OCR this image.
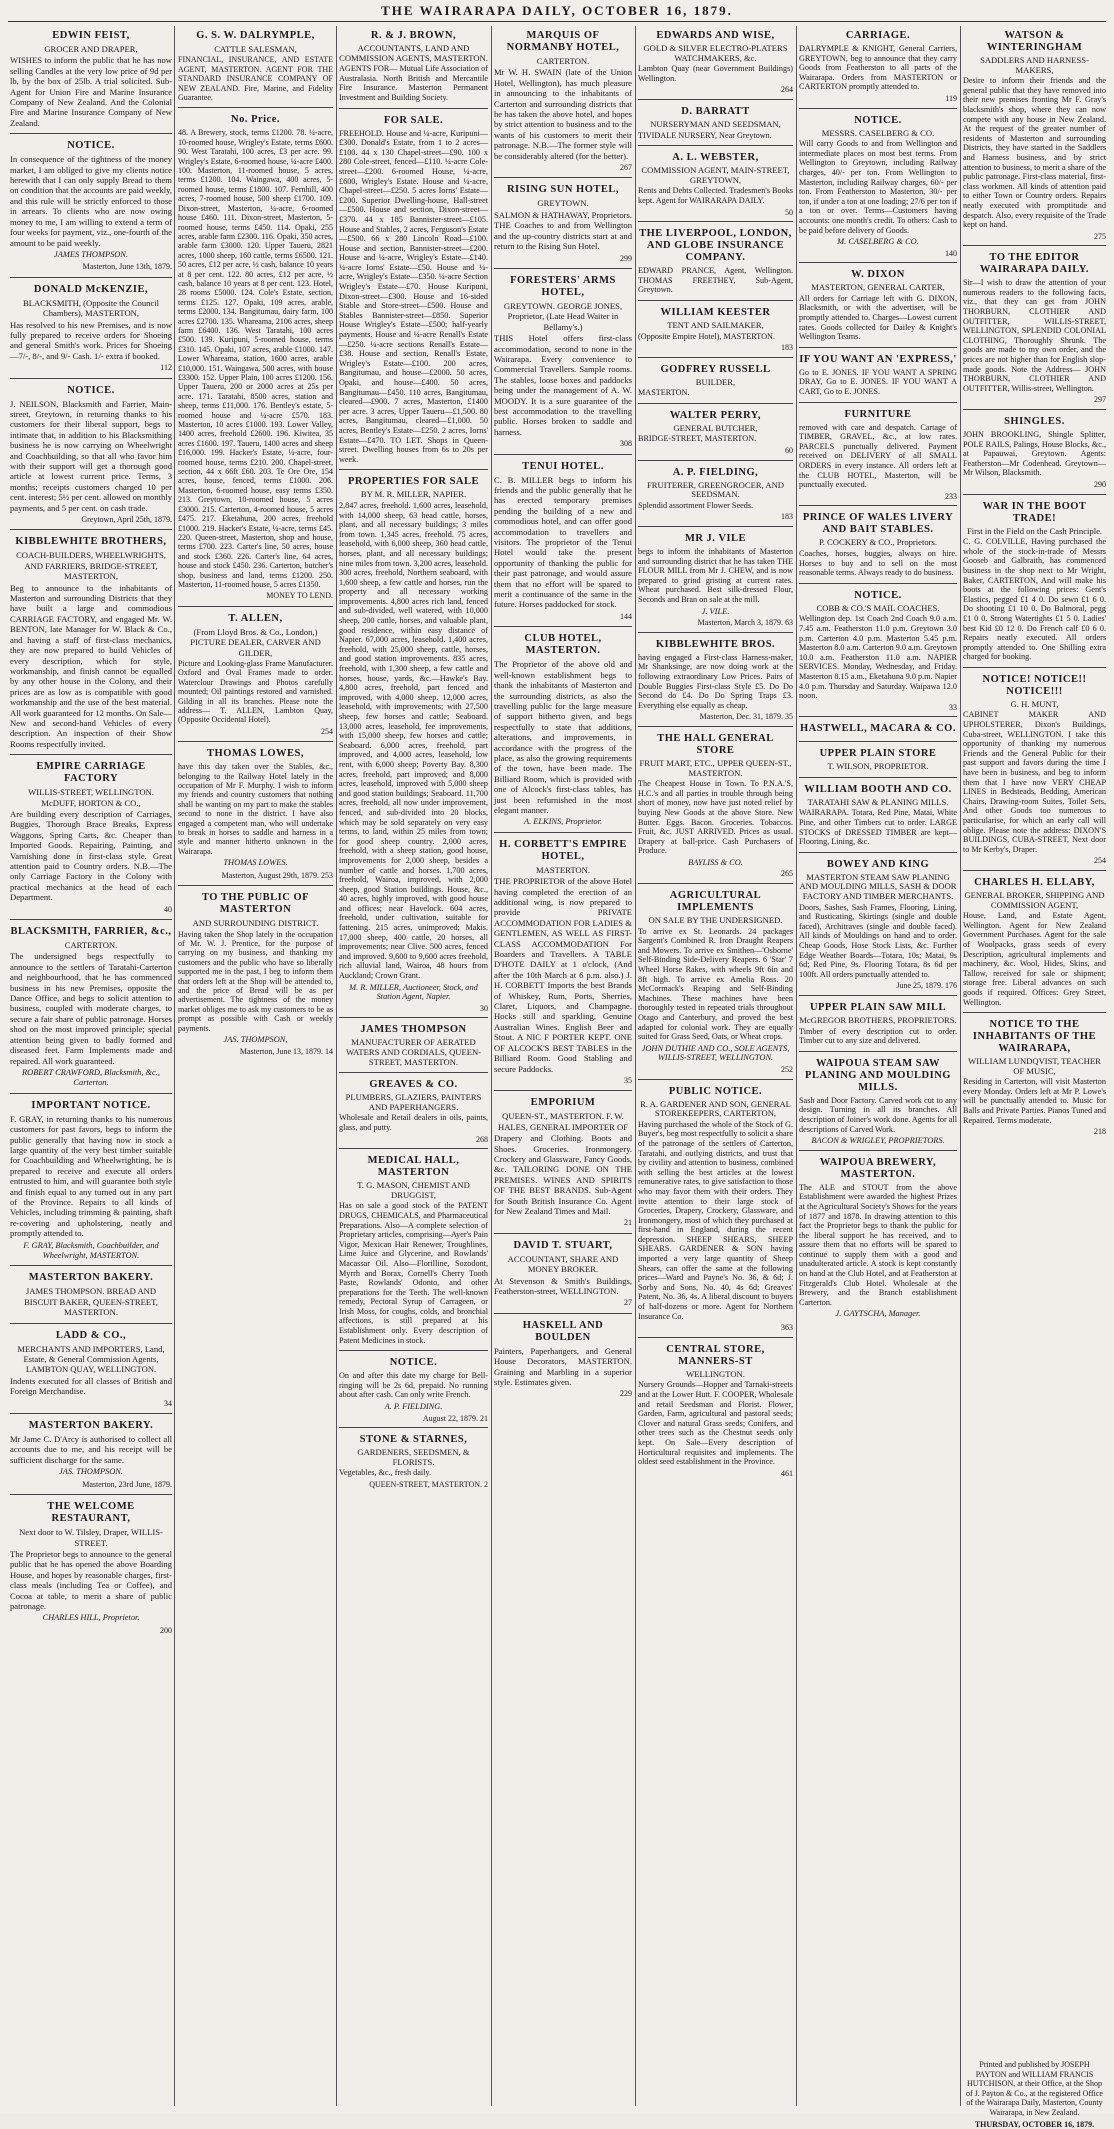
THE WAIRARAPA DAILY, OCTOBER 16, 1879.
EDWIN FEIST,
GROCER AND DRAPER,
WISHES to inform the public that he has now selling Candles at the very low price of 9d per lb, by the box of 25lb. A trial solicited. Sub-Agent for Union Fire and Marine Insurance Company of New Zealand. And the Colonial Fire and Marine Insurance Company of New Zealand.
NOTICE.
In consequence of the tightness of the money market, I am obliged to give my clients notice herewith that I can only supply Bread to them on condition that the accounts are paid weekly, and this rule will be strictly enforced to those in arrears. To clients who are now owing money to me, I am willing to extend a term of four weeks for payment, viz., one-fourth of the amount to be paid weekly.
JAMES THOMPSON.
Masterton, June 13th, 1879.
DONALD McKENZIE,
BLACKSMITH, (Opposite the Council Chambers), MASTERTON,
Has resolved to his new Premises, and is now fully prepared to receive orders for Shoeing and general Smith's work. Prices for Shoeing—7/-, 8/-, and 9/- Cash. 1/- extra if booked.
112
NOTICE.
J. NEILSON, Blacksmith and Farrier, Main-street, Greytown, in returning thanks to his customers for their liberal support, begs to intimate that, in addition to his Blacksmithing business he is now carrying on Wheelwright and Coachbuilding, so that all who favor him with their support will get a thorough good article at lowest current price. Terms, 3 months; receipts customers charged 10 per cent. interest; 5½ per cent. allowed on monthly payments, and 5 per cent. on cash trade.
Greytown, April 25th, 1879.
KIBBLEWHITE BROTHERS,
COACH-BUILDERS, WHEELWRIGHTS, AND FARRIERS, BRIDGE-STREET, MASTERTON,
Beg to announce to the inhabitants of Masterton and surrounding Districts that they have built a large and commodious CARRIAGE FACTORY, and engaged Mr. W. BENTON, late Manager for W. Black & Co., and having a staff of first-class mechanics, they are now prepared to build Vehicles of every description, which for style, workmanship, and finish cannot be equalled by any other house in the Colony, and their prices are as low as is compatible with good workmanship and the use of the best material. All work guaranteed for 12 months. On Sale—New and second-hand Vehicles of every description. An inspection of their Show Rooms respectfully invited.
EMPIRE CARRIAGE FACTORY
WILLIS-STREET, WELLINGTON. McDUFF, HORTON & CO.,
Are building every description of Carriages, Buggies, Thorough Brace Breaks, Express Waggons, Spring Carts, &c. Cheaper than Imported Goods. Repairing, Painting, and Varnishing done in first-class style. Great attention paid to Country orders. N.B.—The only Carriage Factory in the Colony with practical mechanics at the head of each Department.
40
BLACKSMITH, FARRIER, &c.,
CARTERTON.
The undersigned begs respectfully to announce to the settlers of Taratahi-Carterton and neighbourhood, that he has commenced business in his new Premises, opposite the Dance Office, and begs to solicit attention to business, coupled with moderate charges, to secure a fair share of public patronage. Horses shod on the most improved principle; special attention being given to badly formed and diseased feet. Farm Implements made and repaired. All work guaranteed.
ROBERT CRAWFORD, Blacksmith, &c., Carterton.
IMPORTANT NOTICE.
F. GRAY, in returning thanks to his numerous customers for past favors, begs to inform the public generally that having now in stock a large quantity of the very best timber suitable for Coachbuilding and Wheelwrighting, he is prepared to receive and execute all orders entrusted to him, and will guarantee both style and finish equal to any turned out in any part of the Province. Repairs to all kinds of Vehicles, including trimming & painting, shaft re-covering and upholstering, neatly and promptly attended to.
F. GRAY, Blacksmith, Coachbuilder, and Wheelwright, MASTERTON.
MASTERTON BAKERY.
JAMES THOMPSON. BREAD AND BISCUIT BAKER, QUEEN-STREET, MASTERTON.
LADD & CO.,
MERCHANTS AND IMPORTERS, Land, Estate, & General Commission Agents, LAMBTON QUAY, WELLINGTON.
Indents executed for all classes of British and Foreign Merchandise.
34
MASTERTON BAKERY.
Mr Jame C. D'Arcy is authorised to collect all accounts due to me, and his receipt will be sufficient discharge for the same.
JAS. THOMPSON.
Masterton, 23rd June, 1879.
THE WELCOME RESTAURANT,
Next door to W. Tilsley, Draper, WILLIS-STREET.
The Proprietor begs to announce to the general public that he has opened the above Boarding House, and hopes by reasonable charges, first-class meals (including Tea or Coffee), and Cocoa at table, to merit a share of public patronage.
CHARLES HILL, Proprietor.
200
G. S. W. DALRYMPLE,
CATTLE SALESMAN,
FINANCIAL, INSURANCE, AND ESTATE AGENT, MASTERTON. AGENT FOR THE STANDARD INSURANCE COMPANY OF NEW ZEALAND. Fire, Marine, and Fidelity Guarantee.
No. Price.
48. A Brewery, stock, terms £1200. 78. ¼-acre, 10-roomed house, Wrigley's Estate, terms £600. 90. West Taratahi, 100 acres, £3 per acre. 99. Wrigley's Estate, 6-roomed house, ¼-acre £400. 100. Masterton, 11-roomed house, 5 acres, terms £1200. 104. Waingawa, 400 acres, 5-roomed house, terms £1800. 107. Fernhill, 400 acres, 7-roomed house, 500 sheep £1700. 109. Dixon-street, Masterton, ¼-acre, 6-roomed house £460. 111. Dixon-street, Masterton, 5-roomed house, terms £450. 114. Opaki, 255 acres, arable farm £2300. 116. Opaki, 350 acres, arable farm £3000. 120. Upper Taueru, 2821 acres, 1000 sheep, 160 cattle, terms £6500. 121. 50 acres, £12 per acre, ½ cash, balance 10 years at 8 per cent. 122. 80 acres, £12 per acre, ½ cash, balance 10 years at 8 per cent. 123. Hotel, 28 rooms £5000. 124. Cole's Estate, section, terms £125. 127. Opaki, 109 acres, arable, terms £2000. 134. Bangitumau, dairy farm, 100 acres £2700. 135. Whareama, 2106 acres, sheep farm £6400. 136. West Taratahi, 100 acres £500. 139. Kuripuni, 5-roomed house, terms £310. 145. Opaki, 107 acres, arable £1000. 147. Lower Whareama, station, 1600 acres, arable £10,000. 151. Waingawa, 500 acres, with house £3300. 152. Upper Plain, 100 acres £1200. 156. Upper Taueru, 200 or 2000 acres at 25s per acre. 171. Taratahi, 8500 acres, station and sheep, terms £11,000. 176. Bentley's estate, 5-roomed house and ¼-acre £570. 183. Masterton, 10 acres £1000. 193. Lower Valley, 1400 acres, freehold £2600. 196. Kiwitea, 35 acres £1600. 197. Taueru, 1400 acres and sheep £16,000. 199. Hacker's Estate, ¼-acre, four-roomed house, terms £210. 200. Chapel-street, section, 44 x 66ft £60. 203. Te Ore Ore, 154 acres, house, fenced, terms £1000. 206. Masterton, 6-roomed house, easy terms £350. 213. Greytown, 10-roomed house, 5 acres £3000. 215. Carterton, 4-roomed house, 5 acres £475. 217. Eketahuna, 200 acres, freehold £1000. 219. Hacker's Estate, ¼-acre, terms £45. 220. Queen-street, Masterton, shop and house, terms £700. 223. Carter's line, 50 acres, house and stock £360. 226. Carter's line, 64 acres, house and stock £450. 236. Carterton, butcher's shop, business and land, terms £1200. 250. Masterton, 11-roomed house, 5 acres £1350.
MONEY TO LEND.
T. ALLEN,
(From Lloyd Bros. & Co., London,) PICTURE DEALER, CARVER AND GILDER,
Picture and Looking-glass Frame Manufacturer. Oxford and Oval Frames made to order. Waterclour Drawings and Photos carefully mounted; Oil paintings restored and varnished. Gilding in all its branches. Please note the address— T. ALLEN, Lambton Quay, (Opposite Occidental Hotel).
254
THOMAS LOWES,
have this day taken over the Stables, &c., belonging to the Railway Hotel lately in the occupation of Mr F. Murphy. I wish to inform my friends and country customers that nothing shall be wanting on my part to make the stables second to none in the district. I have also engaged a competent man, who will undertake to break in horses to saddle and harness in a style and manner hitherto unknown in the Wairarapa.
THOMAS LOWES.
Masterton, August 29th, 1879. 253
TO THE PUBLIC OF MASTERTON
AND SURROUNDING DISTRICT.
Having taken the Shop lately in the occupation of Mr. W. J. Prentice, for the purpose of carrying on my business, and thanking my customers and the public who have so liberally supported me in the past, I beg to inform them that orders left at the Shop will be attended to, and the price of Bread will be as per advertisement. The tightness of the money market obliges me to ask my customers to be as prompt as possible with Cash or weekly payments.
JAS. THOMPSON,
Masterton, June 13, 1879. 14
R. & J. BROWN,
ACCOUNTANTS, LAND AND COMMISSION AGENTS, MASTERTON.
AGENTS FOR— Mutual Life Association of Australasia. North British and Mercantile Fire Insurance. Masterton Permanent Investment and Building Society.
FOR SALE.
FREEHOLD. House and ¼-acre, Kuripuni—£300. Donald's Estate, from 1 to 2 acres—£100. 44 x 130 Chapel-street—£90. 100 x 280 Cole-street, fenced—£110. ¼-acre Cole-street—£200. 6-roomed House, ¼-acre, £600, Wrigley's Estate. House and ¼-acre, Chapel-street—£250. 5 acres Iorns' Estate—£200. Superior Dwelling-house, Hall-street—£500. House and section, Dixon-street—£370. 44 x 185 Bannister-street—£105. House and Stables, 2 acres, Ferguson's Estate—£500. 66 x 280 Lincoln Road—£100. House and section, Bannister-street—£200. House and ¼-acre, Wrigley's Estate—£140. ¼-acre Iorns' Estate—£50. House and ¼-acre, Wrigley's Estate—£350. ¼-acre Section Wrigley's Estate—£70. House Kuripuni, Dixon-street—£300. House and 16-sided Stable and Store-street—£500. House and Stables Bannister-street—£850. Superior House Wrigley's Estate—£500; half-yearly payments. House and ¼-acre Renall's Estate—£250. ¼-acre sections Renall's Estate—£38. House and section, Renall's Estate, Wrigley's Estate—£100. 200 acres, Bangitumau, and house—£2000. 50 acres, Opaki, and house—£400. 50 acres, Bangitumau—£450. 110 acres, Bangitumau, cleared—£900. 7 acres, Masterton, £1400 per acre. 3 acres, Upper Taueru—£1,500. 80 acres, Bangitumau, cleared—£1,000. 50 acres, Bentley's Estate—£250. 2 acres, Iorns' Estate—£470. TO LET. Shops in Queen-street. Dwelling houses from 6s to 20s per week.
PROPERTIES FOR SALE
BY M. R. MILLER, NAPIER.
2,847 acres, freehold. 1,600 acres, leasehold, with 14,000 sheep, 63 head cattle, horses, plant, and all necessary buildings; 3 miles from town. 1,345 acres, freehold. 75 acres, leasehold, with 6,000 sheep, 360 head cattle, horses, plant, and all necessary buildings; nine miles from town. 3,200 acres, leasehold. 300 acres, freehold, Northern seaboard, with 1,600 sheep, a few cattle and horses, run the property and all necessary working improvements. 4,800 acres rich land, fenced and sub-divided, well watered, with 10,000 sheep, 200 cattle, horses, and valuable plant, good residence, within easy distance of Napier. 67,000 acres, leasehold. 1,400 acres, freehold, with 25,000 sheep, cattle, horses, and good station improvements. 835 acres, freehold, with 1,300 sheep, a few cattle and horses, house, yards, &c.—Hawke's Bay. 4,800 acres, freehold, part fenced and improved, with 4,000 sheep. 12,000 acres, leasehold, with improvements; with 27,500 sheep, few horses and cattle; Seaboard. 13,000 acres, leasehold, fee improvements, with 15,000 sheep, few horses and cattle; Seaboard. 6,000 acres, freehold, part improved, and 4,000 acres, leasehold, low rent, with 6,000 sheep; Poverty Bay. 8,300 acres, freehold, part improved; and 8,000 acres, leasehold, improved with 5,000 sheep and good station buildings; Seaboard. 11,700 acres, freehold, all now under improvement, fenced, and sub-divided into 20 blocks, which may be sold separately on very easy terms, to land, within 25 miles from town; for good sheep country. 2,000 acres, freehold, with a sheep station, good house, improvements for 2,000 sheep, besides a number of cattle and horses. 1,700 acres, freehold, Wairoa, improved, with 2,000 sheep, good Station buildings. House, &c., 40 acres, highly improved, with good house and offices; near Havelock. 604 acres, freehold, under cultivation, suitable for fattening. 215 acres, unimproved; Makis. 17,000 sheep, 400 cattle, 20 horses, all improvements; near Clive. 500 acres, fenced and improved. 9,600 to 9,600 acres freehold, rich alluvial land, Wairoa, 48 hours from Auckland; Crown Grant.
M. R. MILLER, Auctioneer, Stock, and Station Agent, Napier.
30
JAMES THOMPSON
MANUFACTURER OF AERATED WATERS AND CORDIALS, QUEEN-STREET, MASTERTON.
GREAVES & CO.
PLUMBERS, GLAZIERS, PAINTERS AND PAPERHANGERS.
Wholesale and Retail dealers in oils, paints, glass, and putty.
268
MEDICAL HALL, MASTERTON
T. G. MASON, CHEMIST AND DRUGGIST,
Has on sale a good stock of the PATENT DRUGS, CHEMICALS, and Pharmaceutical Preparations. Also—A complete selection of Proprietary articles, comprising—Ayer's Pain Vigor, Mexican Hair Renewer, Troughlines, Lime Juice and Glycerine, and Rowlands' Macassar Oil. Also—Florilline, Sozodont, Myrrh and Borax, Cornell's Cherry Tooth Paste, Rowlands' Odonto, and other preparations for the Teeth. The well-known remedy, Pectoral Syrup of Carrageen, or Irish Moss, for coughs, colds, and bronchial affections, is still prepared at his Establishment only. Every description of Patent Medicines in stock.
NOTICE.
On and after this date my charge for Bell-ringing will be 2s 6d, prepaid. No running about after cash. Can only write French.
A. P. FIELDING.
August 22, 1879. 21
STONE & STARNES,
GARDENERS, SEEDSMEN, & FLORISTS.
Vegetables, &c., fresh daily.
QUEEN-STREET, MASTERTON. 2
MARQUIS OF NORMANBY HOTEL,
CARTERTON.
Mr W. H. SWAIN (late of the Union Hotel, Wellington), has much pleasure in announcing to the inhabitants of Carterton and surrounding districts that he has taken the above hotel, and hopes by strict attention to business and to the wants of his customers to merit their patronage. N.B.—The former style will be considerably altered (for the better).
267
RISING SUN HOTEL,
GREYTOWN.
SALMON & HATHAWAY, Proprietors. THE Coaches to and from Wellington and the up-country districts start at and return to the Rising Sun Hotel.
299
FORESTERS' ARMS HOTEL,
GREYTOWN. GEORGE JONES, Proprietor, (Late Head Waiter in Bellamy's.)
THIS Hotel offers first-class accommodation, second to none in the Wairarapa. Every convenience to Commercial Travellers. Sample rooms. The stables, loose boxes and paddocks being under the management of A. W. MOODY. It is a sure guarantee of the best accommodation to the travelling public. Horses broken to saddle and harness.
308
TENUI HOTEL.
C. B. MILLER begs to inform his friends and the public generally that he has erected temporary premises pending the building of a new and commodious hotel, and can offer good accommodation to travellers and visitors. The proprietor of the Tenui Hotel would take the present opportunity of thanking the public for their past patronage, and would assure them that no effort will be spared to merit a continuance of the same in the future. Horses paddocked for stock.
144
CLUB HOTEL, MASTERTON.
The Proprietor of the above old and well-known establishment begs to thank the inhabitants of Masterton and the surrounding districts, as also the travelling public for the large measure of support hitherto given, and begs respectfully to state that additions, alterations, and improvements, in accordance with the progress of the place, as also the growing requirements of the town, have been made. The Billiard Room, which is provided with one of Alcock's first-class tables, has just been refurnished in the most elegant manner.
A. ELKINS, Proprietor.
H. CORBETT'S EMPIRE HOTEL,
MASTERTON.
THE PROPRIETOR of the above Hotel having completed the erection of an additional wing, is now prepared to provide PRIVATE ACCOMMODATION FOR LADIES & GENTLEMEN, AS WELL AS FIRST-CLASS ACCOMMODATION For Boarders and Travellers. A TABLE D'HOTE DAILY at 1 o'clock, (And after the 10th March at 6 p.m. also.) J. H. CORBETT Imports the best Brands of Whiskey, Rum, Ports, Sherries, Claret, Liquors, and Champagne. Hocks still and sparkling, Genuine Australian Wines. English Beer and Stout. A NIC F PORTER KEPT. ONE OF ALCOCK'S BEST TABLES in the Billiard Room. Good Stabling and secure Paddocks.
35
EMPORIUM
QUEEN-ST., MASTERTON. F. W. HALES, GENERAL IMPORTER OF
Drapery and Clothing. Boots and Shoes. Groceries. Ironmongery. Crockery and Glassware, Fancy Goods, &c. TAILORING DONE ON THE PREMISES. WINES AND SPIRITS OF THE BEST BRANDS. Sub-Agent for South British Insurance Co. Agent for New Zealand Times and Mail.
21
DAVID T. STUART,
ACCOUNTANT, SHARE AND MONEY BROKER.
At Stevenson & Smith's Buildings, Featherston-street, WELLINGTON.
27
HASKELL AND BOULDEN
Painters, Paperhangers, and General House Decorators, MASTERTON. Graining and Marbling in a superior style. Estimates given.
229
EDWARDS AND WISE,
GOLD & SILVER ELECTRO-PLATERS WATCHMAKERS, &c.
Lambton Quay (near Government Buildings) Wellington.
264
D. BARRATT
NURSERYMAN AND SEEDSMAN,
TIVIDALE NURSERY, Near Greytown.
A. L. WEBSTER,
COMMISSION AGENT, MAIN-STREET, GREYTOWN,
Rents and Debts Collected. Tradesmen's Books kept. Agent for WAIRARAPA DAILY.
50
THE LIVERPOOL, LONDON, AND GLOBE INSURANCE COMPANY.
EDWARD PRANCE, Agent, Wellington. THOMAS FREETHEY, Sub-Agent, Greytown.
WILLIAM KEESTER
TENT AND SAILMAKER,
(Opposite Empire Hotel), MASTERTON.
183
GODFREY RUSSELL
BUILDER,
MASTERTON.
WALTER PERRY,
GENERAL BUTCHER,
BRIDGE-STREET, MASTERTON.
60
A. P. FIELDING,
FRUITERER, GREENGROCER, AND SEEDSMAN.
Splendid assortment Flower Seeds.
183
MR J. VILE
begs to inform the inhabitants of Masterton and surrounding district that he has taken THE FLOUR MILL from Mr J. CHEW, and is now prepared to grind gristing at current rates. Wheat purchased. Best silk-dressed Flour, Seconds and Bran on sale at the mill.
J. VILE.
Masterton, March 3, 1879. 63
KIBBLEWHITE BROS.
having engaged a First-class Harness-maker, Mr Shanksinge, are now doing work at the following extraordinary Low Prices. Pairs of Double Buggies First-class Style £5. Do Do Second do £4. Do Do Spring Traps £3. Everything else equally as cheap.
Masterton, Dec. 31, 1879. 35
THE HALL GENERAL STORE
FRUIT MART, ETC., UPPER QUEEN-ST., MASTERTON.
The Cheapest House in Town. To P.N.A.'S, H.C.'s and all parties in trouble through being short of money, now have just noted relief by buying New Goods at the above Store. New Butter. Eggs. Bacon. Groceries. Tobaccos. Fruit, &c. JUST ARRIVED. Prices as usual. Drapery at ball-price. Cash Purchasers of Produce.
BAYLISS & CO.
265
AGRICULTURAL IMPLEMENTS
ON SALE BY THE UNDERSIGNED.
To arrive ex St. Leonards. 24 packages Sargent's Combined R. Iron Draught Reapers and Mowers. To arrive ex Smithen—'Osborne' Self-Binding Side-Delivery Reapers. 6 'Star' 7 Wheel Horse Rakes, with wheels 9ft 6in and 8ft high. To arrive ex Amelia Ross. 20 McCormack's Reaping and Self-Binding Machines. These machines have been thoroughly tested in repeated trials throughout Otago and Canterbury, and proved the best adapted for colonial work. They are equally suited for Grass Seed, Oats, or Wheat crops.
JOHN DUTHIE AND CO., SOLE AGENTS, WILLIS-STREET, WELLINGTON.
252
PUBLIC NOTICE.
R. A. GARDENER AND SON, GENERAL STOREKEEPERS, CARTERTON,
Having purchased the whole of the Stock of G. Buyer's, beg most respectfully to solicit a share of the patronage of the settlers of Carterton, Taratahi, and outlying districts, and trust that by civility and attention to business, combined with selling the best articles at the lowest remunerative rates, to give satisfaction to those who may favor them with their orders. They invite attention to their large stock of Groceries, Drapery, Crockery, Glassware, and Ironmongery, most of which they purchased at first-hand in England, during the recent depression. SHEEP SHEARS, SHEEP SHEARS. GARDENER & SON having imported a very large quantity of Sheep Shears, can offer the same at the following prices—Ward and Payne's No. 36, & 6d; J. Sorby and Sons, No. 40, 4s 6d; Greaves' Patent, No. 36, 4s. A liberal discount to buyers of half-dozens or more. Agent for Northern Insurance Co.
363
CENTRAL STORE, MANNERS-ST
WELLINGTON.
Nursery Grounds—Hopper and Tarnaki-streets and at the Lower Hutt. F. COOPER, Wholesale and retail Seedsman and Florist. Flower, Garden, Farm, agricultural and pastoral seeds; Clover and natural Grass seeds; Conifers, and other trees such as the Chestnut seeds only kept. On Sale—Every description of Horticultural requisites and implements. The oldest seed establishment in the Province.
461
CARRIAGE.
DALRYMPLE & KNIGHT, General Carriers, GREYTOWN, beg to announce that they carry Goods from Featherston to all parts of the Wairarapa. Orders from MASTERTON or CARTERTON promptly attended to.
119
NOTICE.
MESSRS. CASELBERG & CO.
Will carry Goods to and from Wellington and intermediate places on most best terms. From Wellington to Greytown, including Railway charges, 40/- per ton. From Wellington to Masterton, including Railway charges, 60/- per ton. From Featherston to Masterton, 30/- per ton, if under a ton at one loading; 27/6 per ton if a ton or over. Terms—Customers having accounts: one month's credit. To others: Cash to be paid before delivery of Goods.
M. CASELBERG & CO.
140
W. DIXON
MASTERTON, GENERAL CARTER,
All orders for Carriage left with G. DIXON, Blacksmith, or with the advertiser, will be promptly attended to. Charges—Lowest current rates. Goods collected for Dailey & Knight's Wellington Teams.
IF YOU WANT AN 'EXPRESS,'
Go to E. JONES. IF YOU WANT A SPRING DRAY, Go to E. JONES. IF YOU WANT A CART, Go to E. JONES.
FURNITURE
removed with care and despatch. Cartage of TIMBER, GRAVEL, &c., at low rates. PARCELS punctually delivered. Payment received on DELIVERY of all SMALL ORDERS in every instance. All orders left at the CLUB HOTEL, Masterton, will be punctually executed.
233
PRINCE OF WALES LIVERY AND BAIT STABLES.
P. COCKERY & CO., Proprietors.
Coaches, horses, buggies, always on hire. Horses to buy and to sell on the most reasonable terms. Always ready to do business.
NOTICE.
COBB & CO.'S MAIL COACHES.
Wellington dep. 1st Coach 2nd Coach 9.0 a.m. 7.45 a.m. Featherston 11.0 p.m. Greytown 3.0 p.m. Carterton 4.0 p.m. Masterton 5.45 p.m. Masterton 8.0 a.m. Carterton 9.0 a.m. Greytown 10.0 a.m. Featherston 11.0 a.m. NAPIER SERVICES. Monday, Wednesday, and Friday. Masterton 8.15 a.m., Eketahuna 9.0 p.m. Napier 4.0 p.m. Thursday and Saturday. Waipawa 12.0 noon.
33
HASTWELL, MACARA & CO.
UPPER PLAIN STORE
T. WILSON, PROPRIETOR.
WILLIAM BOOTH AND CO.
TARATAHI SAW & PLANING MILLS.
WAIRARAPA. Totara, Red Pine, Matai, White Pine, and other Timbers cut to order. LARGE STOCKS of DRESSED TIMBER are kept—Flooring, Lining, &c.
BOWEY AND KING
MASTERTON STEAM SAW PLANING AND MOULDING MILLS, SASH & DOOR FACTORY AND TIMBER MERCHANTS.
Doors, Sashes, Sash Frames, Flooring, Lining, and Rusticating, Skirtings (single and double faced), Architraves (single and double faced). All kinds of Mouldings on hand and to order. Cheap Goods, Hose Stock Lists, &c. Further Edge Weather Boards—Totara, 10s; Matai, 9s 6d; Red Pine, 9s. Flooring Totara, 8s 6d per 100ft. All orders punctually attended to.
June 25, 1879. 176
UPPER PLAIN SAW MILL
McGREGOR BROTHERS, PROPRIETORS.
Timber of every description cut to order. Timber cut to any size and delivered.
WAIPOUA STEAM SAW PLANING AND MOULDING MILLS.
Sash and Door Factory. Carved work cut to any design. Turning in all its branches. All description of Joiner's work done. Agents for all descriptions of Carved Work.
BACON & WRIGLEY, PROPRIETORS.
WAIPOUA BREWERY, MASTERTON.
The ALE and STOUT from the above Establishment were awarded the highest Prizes at the Agricultural Society's Shows for the years of 1877 and 1878. In drawing attention to this fact the Proprietor begs to thank the public for the liberal support he has received, and to assure them that no efforts will be spared to continue to supply them with a good and unadulterated article. A stock is kept constantly on hand at the Club Hotel, and at Featherston at Fitzgerald's Club Hotel. Wholesale at the Brewery, and the Branch establishment Carterton.
J. GAYTSCHA, Manager.
WATSON & WINTERINGHAM
SADDLERS AND HARNESS-MAKERS,
Desire to inform their friends and the general public that they have removed into their new premises fronting Mr F. Gray's blacksmith's shop, where they can now compete with any house in New Zealand. At the request of the greater number of residents of Masterton and surrounding Districts, they have started in the Saddlers and Harness business, and by strict attention to business, to merit a share of the public patronage. First-class material, first-class workmen. All kinds of attention paid to either Town or Country orders. Repairs neatly executed with promptitude and despatch. Also, every requisite of the Trade kept on hand.
275
TO THE EDITOR WAIRARAPA DAILY.
Sir—I wish to draw the attention of your numerous readers to the following facts, viz., that they can get from JOHN THORBURN, CLOTHIER AND OUTFITTER, WILLIS-STREET, WELLINGTON, SPLENDID COLONIAL CLOTHING, Thoroughly Shrunk. The goods are made to my own order, and the prices are not higher than for English slop-made goods. Note the Address— JOHN THORBURN, CLOTHIER AND OUTFITTER, Willis-street, Wellington.
297
SHINGLES.
JOHN BROOKLING, Shingle Splitter, POLE RAILS, Palings, House Blocks, &c., at Papauwai, Greytown. Agents: Featherston—Mr Codenhead. Greytown—Mr Wilson, Blacksmith.
290
WAR IN THE BOOT TRADE!
First in the Field on the Cash Principle.
C. G. COLVILLE, Having purchased the whole of the stock-in-trade of Messrs Gooseb and Galbraith, has commenced business in the shop next to Mr Wright, Baker, CARTERTON, And will make his boots at the following prices: Gent's Elastics, pegged £1 4 0. Do sewn £1 6 0. Do shooting £1 10 0. Do Balmoral, pegg £1 0 0. Strong Watertights £1 5 0. Ladies' best Kid £0 12 0. Do French calf £0 6 0. Repairs neatly executed. All orders promptly attended to. One Shilling extra charged for booking.
NOTICE! NOTICE!! NOTICE!!!
G. H. MUNT,
CABINET MAKER AND UPHOLSTERER, Dixon's Buildings, Cuba-street, WELLINGTON. I take this opportunity of thanking my numerous Friends and the General Public for their past support and favors during the time I have been in business, and beg to inform them that I have now VERY CHEAP LINES in Bedsteads, Bedding, American Chairs, Drawing-room Suites, Toilet Sets, And other Goods too numerous to particularise, for which an early call will oblige. Please note the address: DIXON'S BUILDINGS, CUBA-STREET, Next door to Mr Kerby's, Draper.
254
CHARLES H. ELLABY,
GENERAL BROKER, SHIPPING AND COMMISSION AGENT,
House, Land, and Estate Agent, Wellington. Agent for New Zealand Government Purchases. Agent for the sale of Woolpacks, grass seeds of every Description, agricultural implements and machinery, &c. Wool, Hides, Skins, and Tallow, received for sale or shipment; storage free. Liberal advances on such goods if required. Offices: Grey Street, Wellington.
NOTICE TO THE INHABITANTS OF THE WAIRARAPA,
WILLIAM LUNDQVIST, TEACHER OF MUSIC,
Residing in Carterton, will visit Masterton every Monday. Orders left at Mr P. Lowe's will be punctually attended to. Music for Balls and Private Parties. Pianos Tuned and Repaired. Terms moderate.
218
Printed and published by JOSEPH PAYTON and WILLIAM FRANCIS HUTCHISON, at their Office, at the Shop of J. Payton & Co., at the registered Office of the Wairarapa Daily, Masterton, County Wairarapa, in New Zealand.
THURSDAY, OCTOBER 16, 1879.
